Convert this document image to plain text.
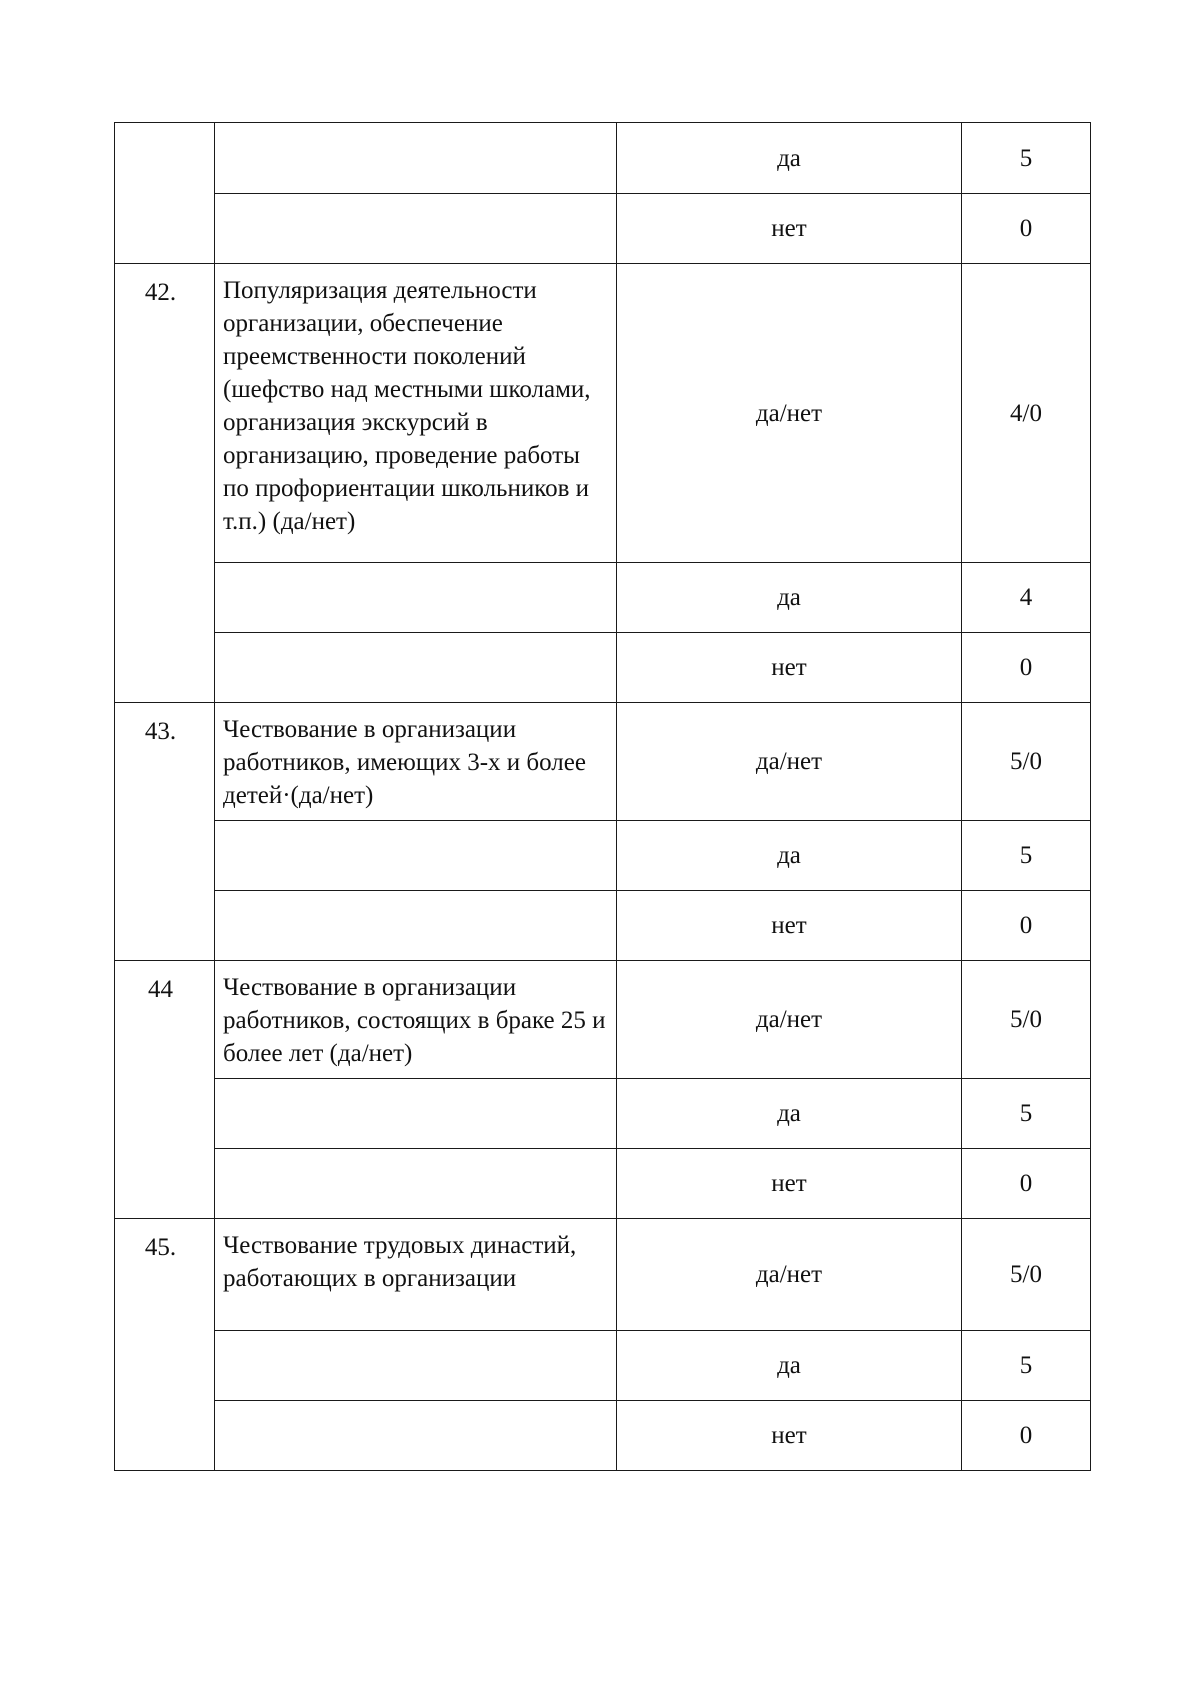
		да	5
		нет	0
42.	Популяризация деятельности организации, обеспечение преемственности поколений (шефство над местными школами, организация экскурсий в организацию, проведение работы по профориентации школьников и т.п.) (да/нет)	да/нет	4/0
		да	4
		нет	0
43.	Чествование в организации работников, имеющих 3-х и более детей·(да/нет)	да/нет	5/0
		да	5
		нет	0
44	Чествование в организации работников, состоящих в браке 25 и более лет (да/нет)	да/нет	5/0
		да	5
		нет	0
45.	Чествование трудовых династий, работающих в организации	да/нет	5/0
		да	5
		нет	0
